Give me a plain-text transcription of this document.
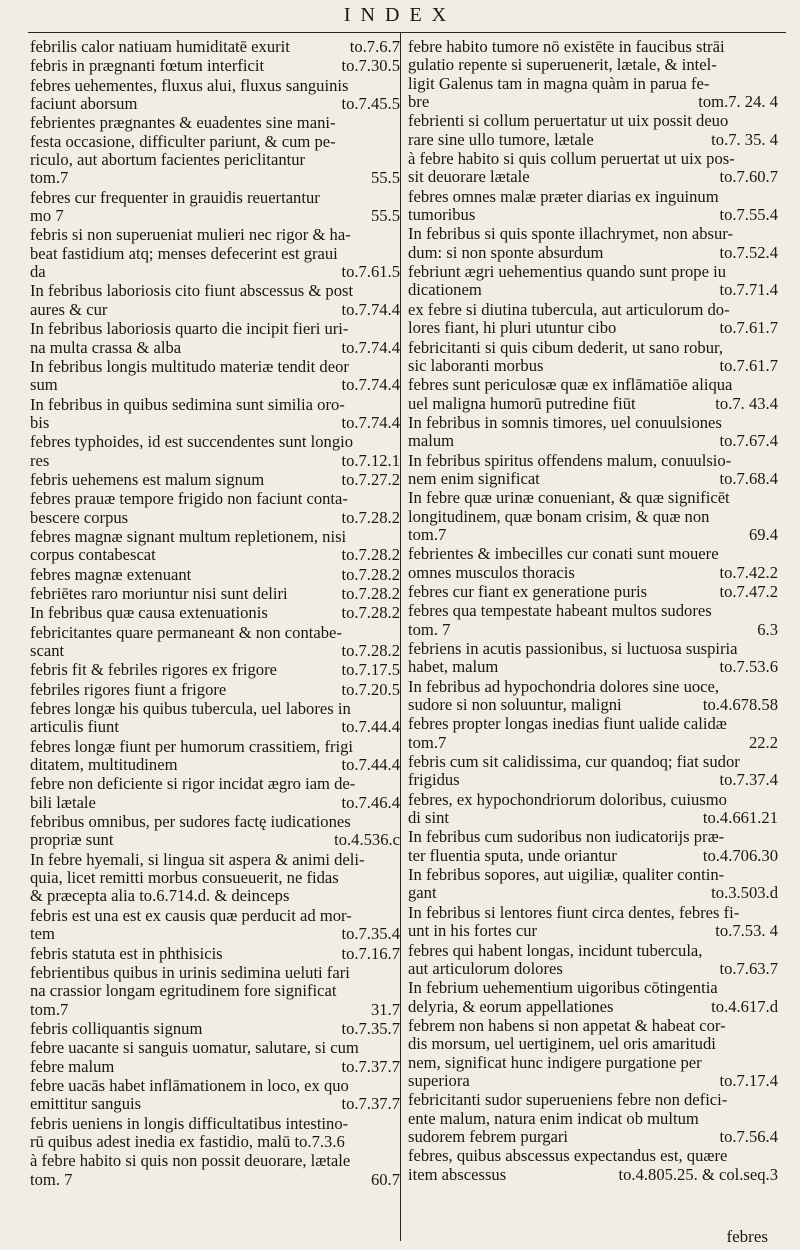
INDEX
to.7.6.7
febrilis calor natiuam humiditatē exurit
to.7.30.5
febris in prægnanti fœtum interficit
febres uehementes, fluxus alui, fluxus sanguinis
to.7.45.5
faciunt aborsum
febrientes prægnantes & euadentes sine mani-
festa occasione, difficulter pariunt, & cum pe-
riculo, aut abortum facientes periclitantur
55.5
tom.7
febres cur frequenter in grauidis reuertantur
55.5
mo 7
febris si non superueniat mulieri nec rigor & ha-
beat fastidium atq; menses defecerint est graui
to.7.61.5
da
In febribus laboriosis cito fiunt abscessus & post
to.7.74.4
aures & cur
In febribus laboriosis quarto die incipit fieri uri-
to.7.74.4
na multa crassa & alba
In febribus longis multitudo materiæ tendit deor
to.7.74.4
sum
In febribus in quibus sedimina sunt similia oro-
to.7.74.4
bis
febres typhoides, id est succendentes sunt longio
to.7.12.1
res
to.7.27.2
febris uehemens est malum signum
febres prauæ tempore frigido non faciunt conta-
to.7.28.2
bescere corpus
febres magnæ signant multum repletionem, nisi
to.7.28.2
corpus contabescat
to.7.28.2
febres magnæ extenuant
to.7.28.2
febriētes raro moriuntur nisi sunt deliri
to.7.28.2
In febribus quæ causa extenuationis
febricitantes quare permaneant & non contabe-
to.7.28.2
scant
to.7.17.5
febris fit & febriles rigores ex frigore
to.7.20.5
febriles rigores fiunt a frigore
febres longæ his quibus tubercula, uel labores in
to.7.44.4
articulis fiunt
febres longæ fiunt per humorum crassitiem, frigi
to.7.44.4
ditatem, multitudinem
febre non deficiente si rigor incidat ægro iam de-
to.7.46.4
bili lætale
febribus omnibus, per sudores factę iudicationes
to.4.536.c
propriæ sunt
In febre hyemali, si lingua sit aspera & animi deli-
quia, licet remitti morbus consueuerit, ne fidas
& præcepta alia to.6.714.d. & deinceps
febris est una est ex causis quæ perducit ad mor-
to.7.35.4
tem
to.7.16.7
febris statuta est in phthisicis
febrientibus quibus in urinis sedimina ueluti fari
na crassior longam egritudinem fore significat
31.7
tom.7
to.7.35.7
febris colliquantis signum
febre uacante si sanguis uomatur, salutare, si cum
to.7.37.7
febre malum
febre uacās habet inflāmationem in loco, ex quo
to.7.37.7
emittitur sanguis
febris ueniens in longis difficultatibus intestino-
rū quibus adest inedia ex fastidio, malū to.7.3.6
à febre habito si quis non possit deuorare, lætale
60.7
tom. 7
febre habito tumore nō existēte in faucibus strāi
gulatio repente si superuenerit, lætale, & intel-
ligit Galenus tam in magna quàm in parua fe-
tom.7. 24. 4
bre
febrienti si collum peruertatur ut uix possit deuo
to.7. 35. 4
rare sine ullo tumore, lætale
à febre habito si quis collum peruertat ut uix pos-
to.7.60.7
sit deuorare lætale
febres omnes malæ præter diarias ex inguinum
to.7.55.4
tumoribus
In febribus si quis sponte illachrymet, non absur-
to.7.52.4
dum: si non sponte absurdum
febriunt ægri uehementius quando sunt prope iu
to.7.71.4
dicationem
ex febre si diutina tubercula, aut articulorum do-
to.7.61.7
lores fiant, hi pluri utuntur cibo
febricitanti si quis cibum dederit, ut sano robur,
to.7.61.7
sic laboranti morbus
febres sunt periculosæ quæ ex inflāmatiōe aliqua
to.7. 43.4
uel maligna humorū putredine fiūt
In febribus in somnis timores, uel conuulsiones
to.7.67.4
malum
In febribus spiritus offendens malum, conuulsio-
to.7.68.4
nem enim significat
In febre quæ urinæ conueniant, & quæ significēt
longitudinem, quæ bonam crisim, & quæ non
69.4
tom.7
febrientes & imbecilles cur conati sunt mouere
to.7.42.2
omnes musculos thoracis
to.7.47.2
febres cur fiant ex generatione puris
febres qua tempestate habeant multos sudores
6.3
tom. 7
febriens in acutis passionibus, si luctuosa suspiria
to.7.53.6
habet, malum
In febribus ad hypochondria dolores sine uoce,
to.4.678.58
sudore si non soluuntur, maligni
febres propter longas inedias fiunt ualide calidæ
22.2
tom.7
febris cum sit calidissima, cur quandoq; fiat sudor
to.7.37.4
frigidus
febres, ex hypochondriorum doloribus, cuiusmo
to.4.661.21
di sint
In febribus cum sudoribus non iudicatorijs præ-
to.4.706.30
ter fluentia sputa, unde oriantur
In febribus sopores, aut uigiliæ, qualiter contin-
to.3.503.d
gant
In febribus si lentores fiunt circa dentes, febres fi-
to.7.53. 4
unt in his fortes cur
febres qui habent longas, incidunt tubercula,
to.7.63.7
aut articulorum dolores
In febrium uehementium uigoribus cōtingentia
to.4.617.d
delyria, & eorum appellationes
febrem non habens si non appetat & habeat cor-
dis morsum, uel uertiginem, uel oris amaritudi
nem, significat hunc indigere purgatione per
to.7.17.4
superiora
febricitanti sudor superueniens febre non defici-
ente malum, natura enim indicat ob multum
to.7.56.4
sudorem febrem purgari
febres, quibus abscessus expectandus est, quære
to.4.805.25. & col.seq.3
item abscessus
febres
